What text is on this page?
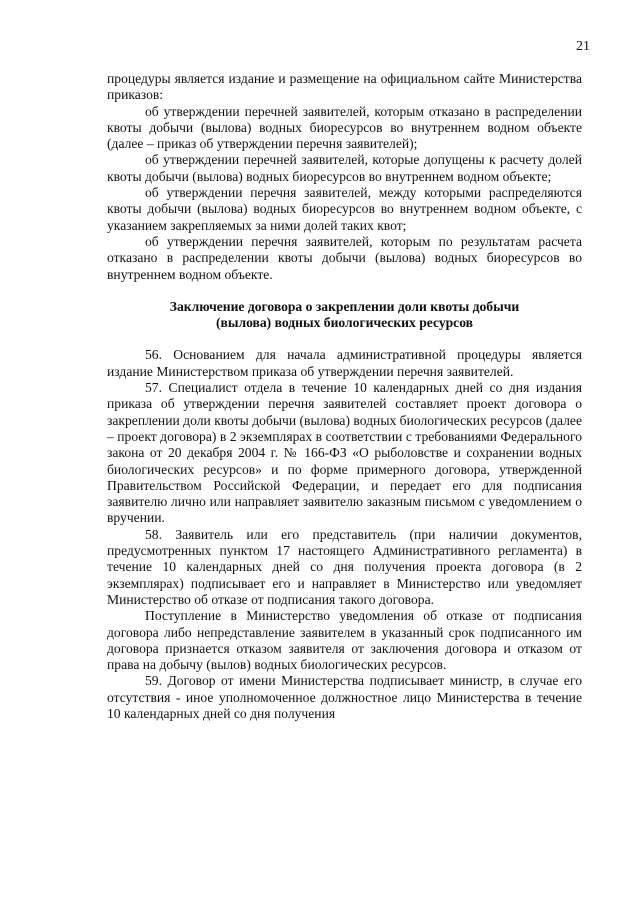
21

процедуры является издание и размещение на официальном сайте Министерства приказов:

об утверждении перечней заявителей, которым отказано в распределении квоты добычи (вылова) водных биоресурсов во внутреннем водном объекте (далее – приказ об утверждении перечня заявителей);

об утверждении перечней заявителей, которые допущены к расчету долей квоты добычи (вылова) водных биоресурсов во внутреннем водном объекте;

об утверждении перечня заявителей, между которыми распределяются квоты добычи (вылова) водных биоресурсов во внутреннем водном объекте, с указанием закрепляемых за ними долей таких квот;

об утверждении перечня заявителей, которым по результатам расчета отказано в распределении квоты добычи (вылова) водных биоресурсов во внутреннем водном объекте.

Заключение договора о закреплении доли квоты добычи
(вылова) водных биологических ресурсов

56. Основанием для начала административной процедуры является издание Министерством приказа об утверждении перечня заявителей.

57. Специалист отдела в течение 10 календарных дней со дня издания приказа об утверждении перечня заявителей составляет проект договора о закреплении доли квоты добычи (вылова) водных биологических ресурсов (далее – проект договора) в 2 экземплярах в соответствии с требованиями Федерального закона от 20 декабря 2004 г. № 166-ФЗ «О рыболовстве и сохранении водных биологических ресурсов» и по форме примерного договора, утвержденной Правительством Российской Федерации, и передает его для подписания заявителю лично или направляет заявителю заказным письмом с уведомлением о вручении.

58. Заявитель или его представитель (при наличии документов, предусмотренных пунктом 17 настоящего Административного регламента) в течение 10 календарных дней со дня получения проекта договора (в 2 экземплярах) подписывает его и направляет в Министерство или уведомляет Министерство об отказе от подписания такого договора.

Поступление в Министерство уведомления об отказе от подписания договора либо непредставление заявителем в указанный срок подписанного им договора признается отказом заявителя от заключения договора и отказом от права на добычу (вылов) водных биологических ресурсов.

59. Договор от имени Министерства подписывает министр, в случае его отсутствия - иное уполномоченное должностное лицо Министерства в течение 10 календарных дней со дня получения
